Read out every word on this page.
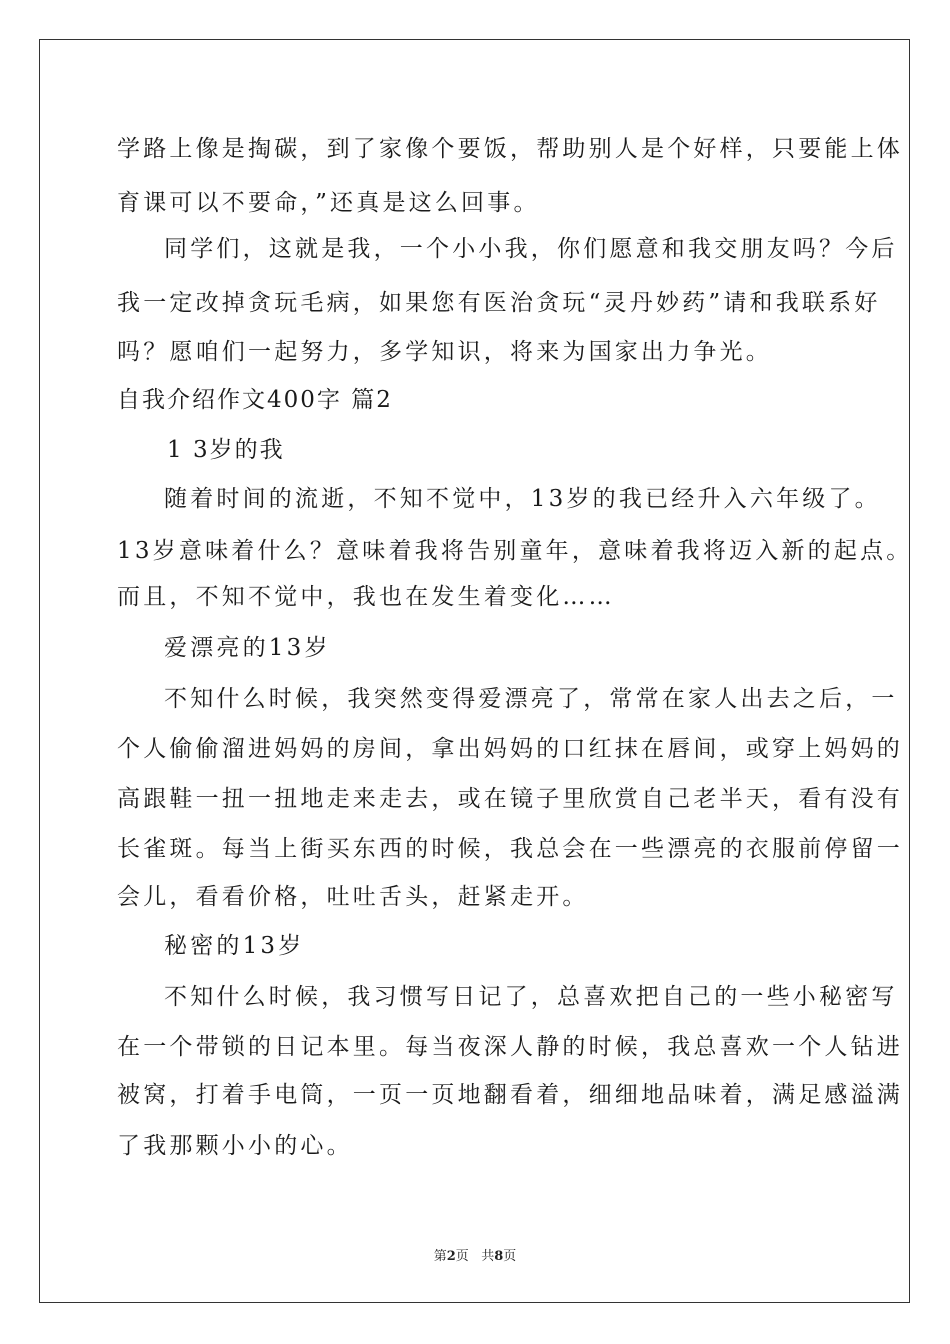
学路上像是掏碳，到了家像个要饭，帮助别人是个好样，只要能上体
育课可以不要命，”还真是这么回事。
同学们，这就是我，一个小小我，你们愿意和我交朋友吗？今后
我一定改掉贪玩毛病，如果您有医治贪玩“灵丹妙药”请和我联系好
吗？愿咱们一起努力，多学知识，将来为国家出力争光。
自我介绍作文400字 篇2
1 3岁的我
随着时间的流逝，不知不觉中，13岁的我已经升入六年级了。
13岁意味着什么？意味着我将告别童年，意味着我将迈入新的起点。
而且，不知不觉中，我也在发生着变化……
爱漂亮的13岁
不知什么时候，我突然变得爱漂亮了，常常在家人出去之后，一
个人偷偷溜进妈妈的房间，拿出妈妈的口红抹在唇间，或穿上妈妈的
高跟鞋一扭一扭地走来走去，或在镜子里欣赏自己老半天，看有没有
长雀斑。每当上街买东西的时候，我总会在一些漂亮的衣服前停留一
会儿，看看价格，吐吐舌头，赶紧走开。
秘密的13岁
不知什么时候，我习惯写日记了，总喜欢把自己的一些小秘密写
在一个带锁的日记本里。每当夜深人静的时候，我总喜欢一个人钻进
被窝，打着手电筒，一页一页地翻看着，细细地品味着，满足感溢满
了我那颗小小的心。
第2页 共8页
